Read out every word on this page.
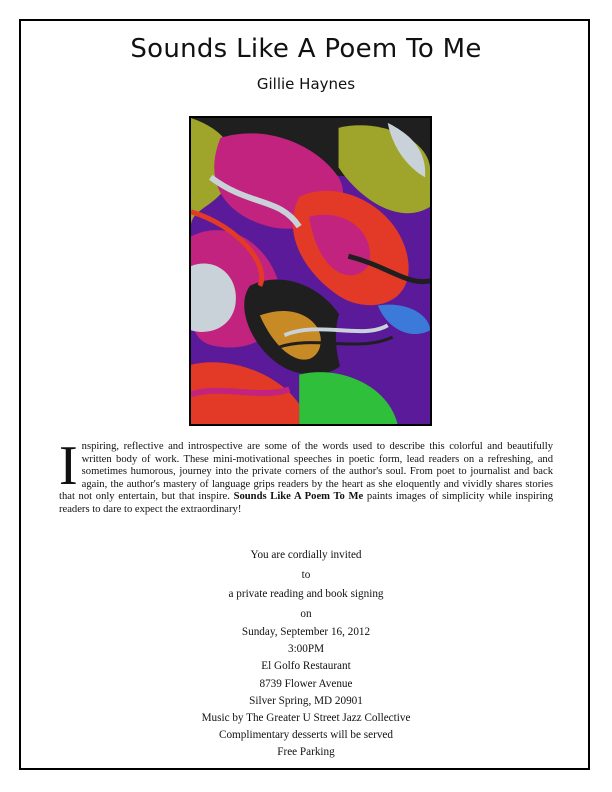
Sounds Like A Poem To Me
Gillie Haynes
I nspiring, reflective and introspective are some of the words used to describe this colorful and beautifully written body of work. These mini-motivational speeches in poetic form, lead readers on a refreshing, and sometimes humorous, journey into the private corners of the author's soul. From poet to journalist and back again, the author's mastery of language grips readers by the heart as she eloquently and vividly shares stories that not only entertain, but that inspire. Sounds Like A Poem To Me paints images of simplicity while inspiring readers to dare to expect the extraordinary!
You are cordially invited
to
a private reading and book signing
on
Sunday, September 16, 2012
3:00PM
El Golfo Restaurant
8739 Flower Avenue
Silver Spring, MD 20901
Music by The Greater U Street Jazz Collective
Complimentary desserts will be served
Free Parking
